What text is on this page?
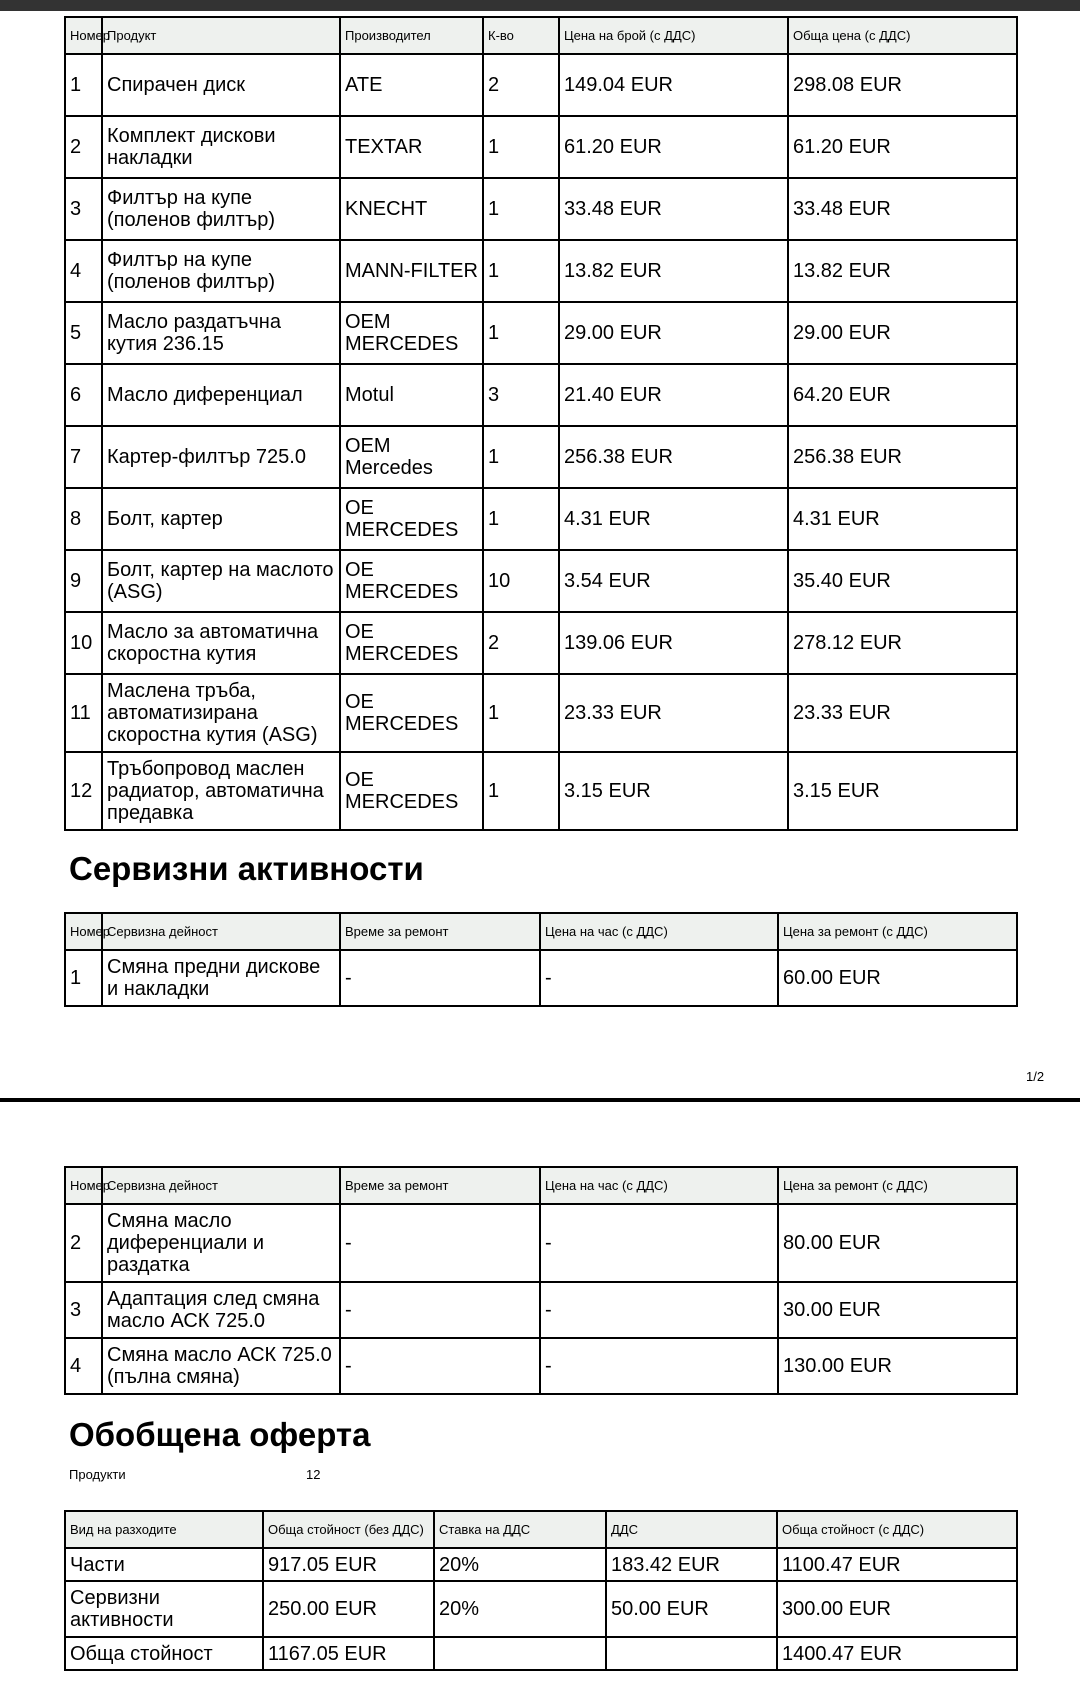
Номер	Продукт	Производител	К-во	Цена на брой (с ДДС)	Обща цена (с ДДС)
1	Спирачен диск	ATE	2	149.04 EUR	298.08 EUR
2	Комплект дискови накладки	TEXTAR	1	61.20 EUR	61.20 EUR
3	Филтър на купе (поленов филтър)	KNECHT	1	33.48 EUR	33.48 EUR
4	Филтър на купе (поленов филтър)	MANN-FILTER	1	13.82 EUR	13.82 EUR
5	Масло раздатъчна кутия 236.15	OEM MERCEDES	1	29.00 EUR	29.00 EUR
6	Масло диференциал	Motul	3	21.40 EUR	64.20 EUR
7	Картер-филтър 725.0	OEM Mercedes	1	256.38 EUR	256.38 EUR
8	Болт, картер	OE MERCEDES	1	4.31 EUR	4.31 EUR
9	Болт, картер на маслото (ASG)	OE MERCEDES	10	3.54 EUR	35.40 EUR
10	Масло за автоматична скоростна кутия	OE MERCEDES	2	139.06 EUR	278.12 EUR
11	Маслена тръба, автоматизирана скоростна кутия (ASG)	OE MERCEDES	1	23.33 EUR	23.33 EUR
12	Тръбопровод маслен радиатор, автоматична предавка	OE MERCEDES	1	3.15 EUR	3.15 EUR
Сервизни активности
Номер	Сервизна дейност	Време за ремонт	Цена на час (с ДДС)	Цена за ремонт (с ДДС)
1	Смяна предни дискове и накладки	-	-	60.00 EUR
1/2
Номер	Сервизна дейност	Време за ремонт	Цена на час (с ДДС)	Цена за ремонт (с ДДС)
2	Смяна масло диференциали и раздатка	-	-	80.00 EUR
3	Адаптация след смяна масло АСК 725.0	-	-	30.00 EUR
4	Смяна масло АСК 725.0 (пълна смяна)	-	-	130.00 EUR
Обобщена оферта
Продукти	12
Вид на разходите	Обща стойност (без ДДС)	Ставка на ДДС	ДДС	Обща стойност (с ДДС)
Части	917.05 EUR	20%	183.42 EUR	1100.47 EUR
Сервизни активности	250.00 EUR	20%	50.00 EUR	300.00 EUR
Обща стойност	1167.05 EUR			1400.47 EUR
